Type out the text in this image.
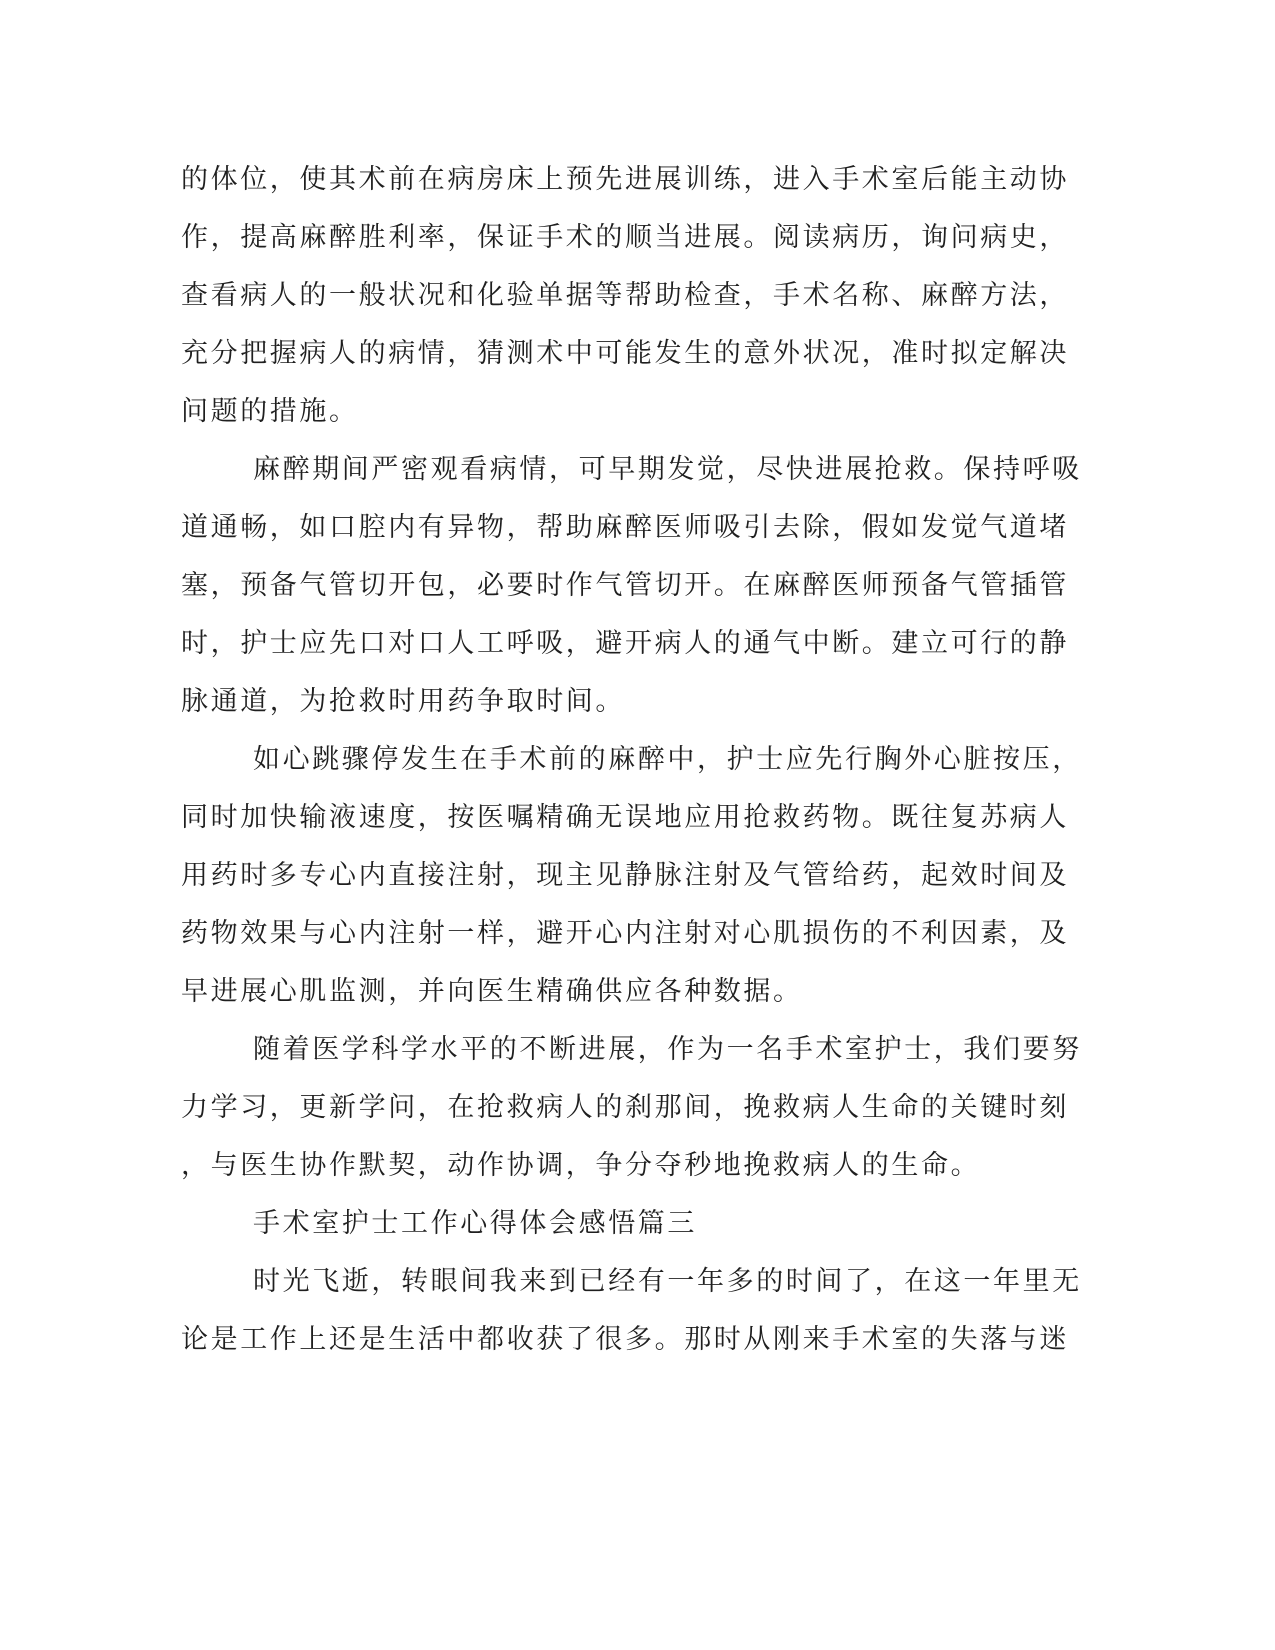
的体位，使其术前在病房床上预先进展训练，进入手术室后能主动协
作，提高麻醉胜利率，保证手术的顺当进展。阅读病历，询问病史，
查看病人的一般状况和化验单据等帮助检查，手术名称、麻醉方法，
充分把握病人的病情，猜测术中可能发生的意外状况，准时拟定解决
问题的措施。
麻醉期间严密观看病情，可早期发觉，尽快进展抢救。保持呼吸
道通畅，如口腔内有异物，帮助麻醉医师吸引去除，假如发觉气道堵
塞，预备气管切开包，必要时作气管切开。在麻醉医师预备气管插管
时，护士应先口对口人工呼吸，避开病人的通气中断。建立可行的静
脉通道，为抢救时用药争取时间。
如心跳骤停发生在手术前的麻醉中，护士应先行胸外心脏按压，
同时加快输液速度，按医嘱精确无误地应用抢救药物。既往复苏病人
用药时多专心内直接注射，现主见静脉注射及气管给药，起效时间及
药物效果与心内注射一样，避开心内注射对心肌损伤的不利因素，及
早进展心肌监测，并向医生精确供应各种数据。
随着医学科学水平的不断进展，作为一名手术室护士，我们要努
力学习，更新学问，在抢救病人的刹那间，挽救病人生命的关键时刻
，与医生协作默契，动作协调，争分夺秒地挽救病人的生命。
手术室护士工作心得体会感悟篇三
时光飞逝，转眼间我来到已经有一年多的时间了，在这一年里无
论是工作上还是生活中都收获了很多。那时从刚来手术室的失落与迷
